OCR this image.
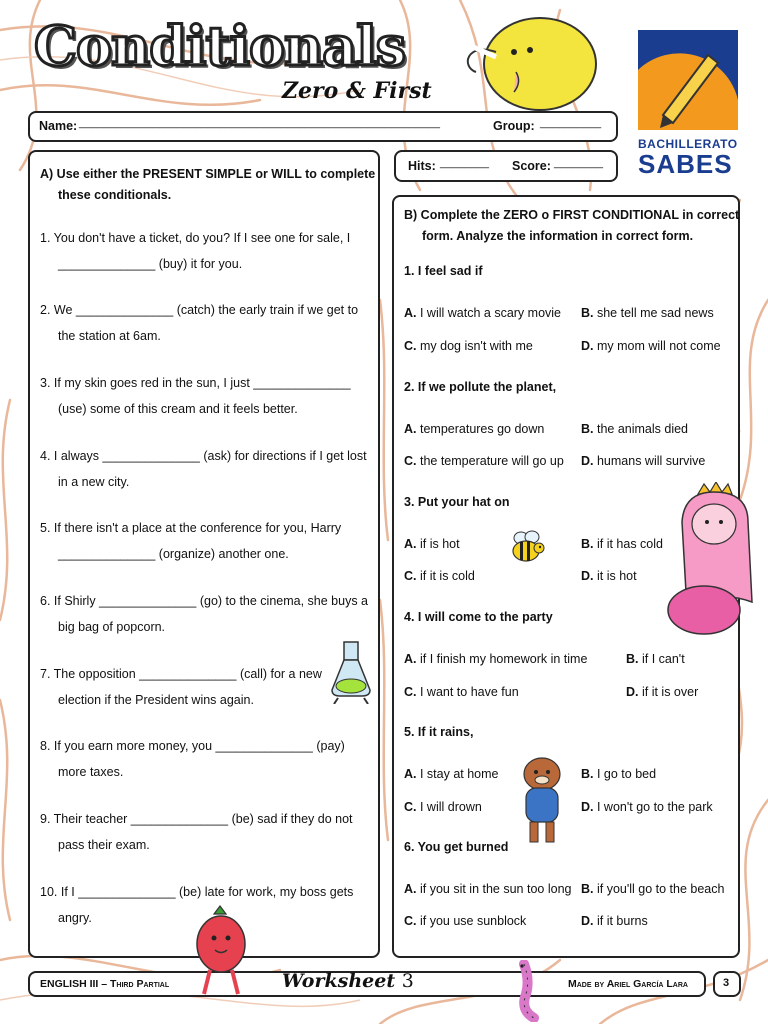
Conditionals
Zero & First
BACHILLERATO
SABES
Name: ___________________________________________________________	Group: __________
Hits: ________ Score: ________
A) Use either the PRESENT SIMPLE or WILL to complete
these conditionals.
1. You don't have a ticket, do you? If I see one for sale, I
______________ (buy) it for you.
2. We ______________ (catch) the early train if we get to
the station at 6am.
3. If my skin goes red in the sun, I just ______________
(use) some of this cream and it feels better.
4. I always ______________ (ask) for directions if I get lost
in a new city.
5. If there isn't a place at the conference for you, Harry
______________ (organize) another one.
6. If Shirly ______________ (go) to the cinema, she buys a
big bag of popcorn.
7. The opposition ______________ (call) for a new
election if the President wins again.
8. If you earn more money, you ______________ (pay)
more taxes.
9. Their teacher ______________ (be) sad if they do not
pass their exam.
10. If I ______________ (be) late for work, my boss gets
angry.
B) Complete the ZERO o FIRST CONDITIONAL in correct
form. Analyze the information in correct form.
1. I feel sad if
A. I will watch a scary movie B. she tell me sad news
C. my dog isn't with me	D. my mom will not come
2. If we pollute the planet,
A. temperatures go down	B. the animals died
C. the temperature will go up D. humans will survive
3. Put your hat on
A. if is hot	B. if it has cold
C. if it is cold	D. it is hot
4. I will come to the party
A. if I finish my homework in time	B. if I can't
C. I want to have fun	D. if it is over
5. If it rains,
A. I stay at home	B. I go to bed
C. I will drown	D. I won't go to the park
6. You get burned
A. if you sit in the sun too long B. if you'll go to the beach
C. if you use sunblock	D. if it burns
ENGLISH III – Third Partial	Worksheet 3	Made by Ariel García Lara	3
